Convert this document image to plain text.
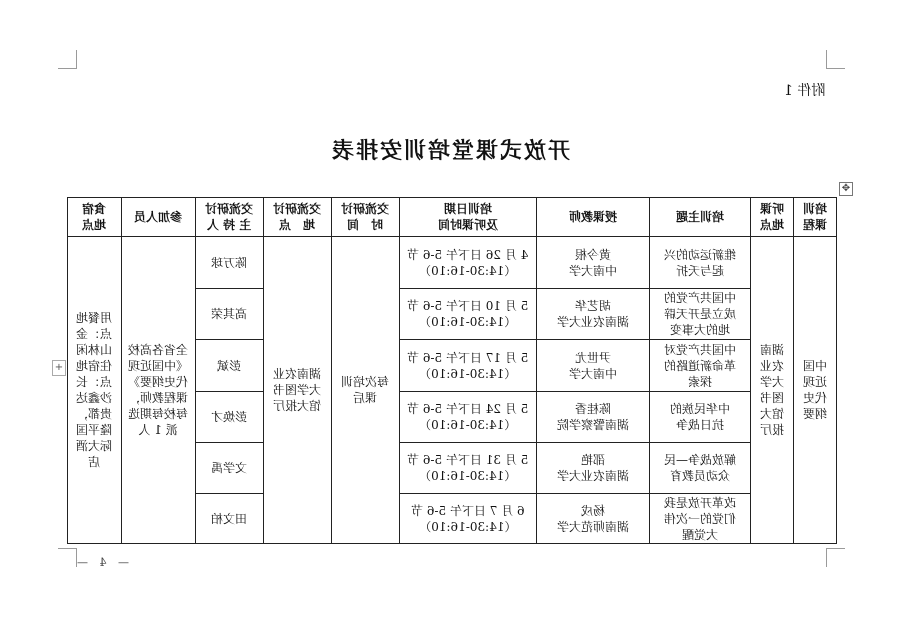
附件 1
开放式课堂培训安排表
✥
+
培训
课程
听课
地点
培训主题
授课教师
培训日期
及听课时间
交流研讨
时　间
交流研讨
地　点
交流研讨
主 持 人
参加人员
食宿
地点
中国
近现
代史
纲要
湖南
农业
大学
图书
馆大
报厅
每次培训
课后
湖南农业
大学图书
馆大报厅
全省各高校
《中国近现
代史纲要》
课程教师，
每校每期选
派 1 人
用餐地
点：金
山林闲
住宿地
点：长
沙鑫达
贵都，
隆平国
际大酒
店
维新运动的兴
起与夭折
黄今根
中南大学
4 月 26 日下午 5-6 节
（14:30-16:10）
陈万球
中国共产党的
成立是开天辟
地的大事变
胡艺华
湖南农业大学
5 月 10 日下午 5-6 节
（14:30-16:10）
高其荣
中国共产党对
革命新道路的
探索
尹世尤
中南大学
5 月 17 日下午 5-6 节
（14:30-16:10）
彭斌
中华民族的
抗日战争
陈桂香
湖南警察学院
5 月 24 日下午 5-6 节
（14:30-16:10）
彭焕才
解放战争—民
众动员教育
邵艳
湖南农业大学
5 月 31 日下午 5-6 节
（14:30-16:10）
文学禹
改革开放是我
们党的一次伟
大觉醒
杨戍
湖南师范大学
6 月 7 日下午 5-6 节
（14:30-16:10）
田文柏
— 4 —
